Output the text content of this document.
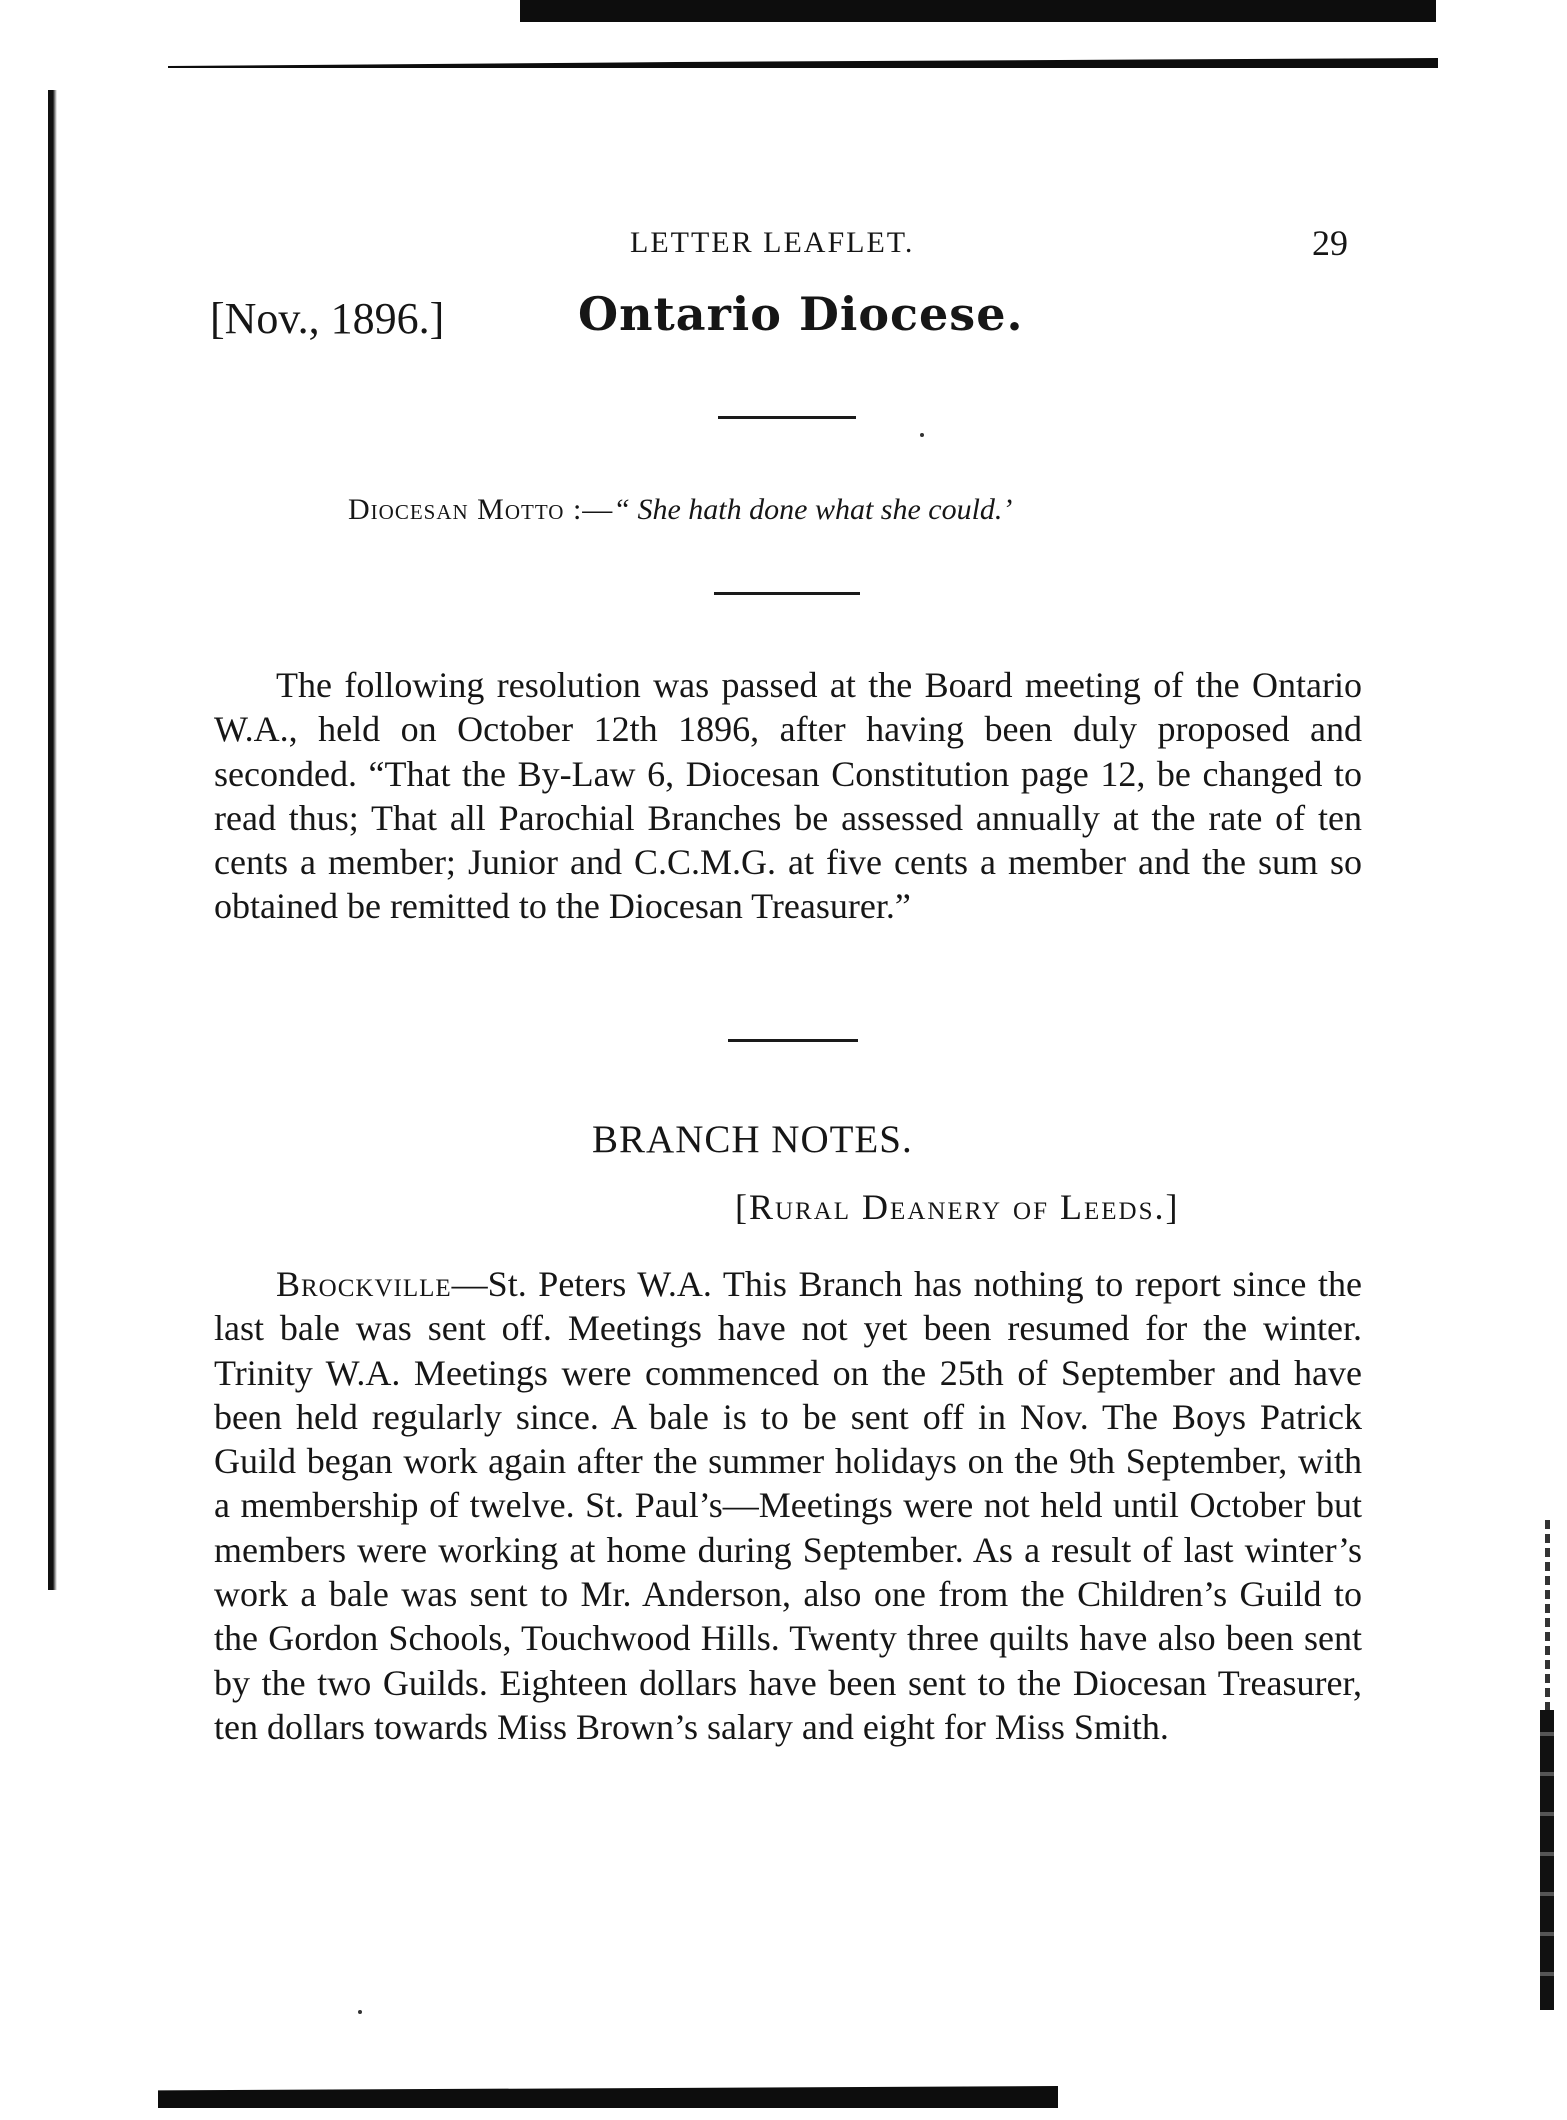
LETTER LEAFLET.	29
[Nov., 1896.]	Ontario Diocese.
Diocesan Motto :—“ She hath done what she could.’
The following resolution was passed at the Board meeting of the Ontario W.A., held on October 12th 1896, after having been duly proposed and seconded. “That the By-Law 6, Diocesan Constitution page 12, be changed to read thus; That all Parochial Branches be assessed annually at the rate of ten cents a member; Junior and C.C.M.G. at five cents a member and the sum so obtained be remitted to the Diocesan Treasurer.”
BRANCH NOTES.
[Rural Deanery of Leeds.]
Brockville—St. Peters W.A. This Branch has nothing to report since the last bale was sent off. Meetings have not yet been resumed for the winter. Trinity W.A. Meetings were commenced on the 25th of September and have been held regularly since. A bale is to be sent off in Nov. The Boys Patrick Guild began work again after the summer holidays on the 9th September, with a membership of twelve. St. Paul’s—Meetings were not held until October but members were working at home during September. As a result of last winter’s work a bale was sent to Mr. Anderson, also one from the Children’s Guild to the Gordon Schools, Touchwood Hills. Twenty three quilts have also been sent by the two Guilds. Eighteen dollars have been sent to the Diocesan Treasurer, ten dollars towards Miss Brown’s salary and eight for Miss Smith.
